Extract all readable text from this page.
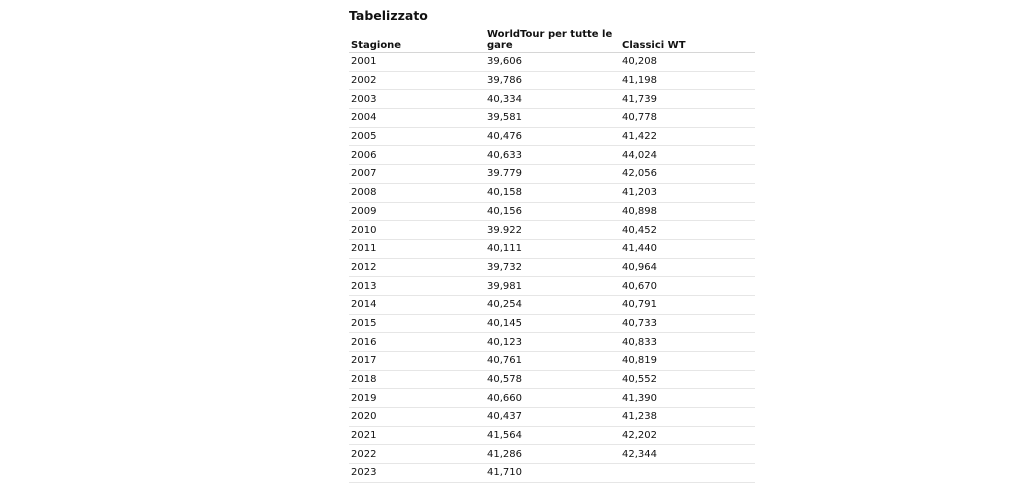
Tabelizzato
Stagione	WorldTour per tutte le gare	Classici WT
2001	39,606	40,208
2002	39,786	41,198
2003	40,334	41,739
2004	39,581	40,778
2005	40,476	41,422
2006	40,633	44,024
2007	39.779	42,056
2008	40,158	41,203
2009	40,156	40,898
2010	39.922	40,452
2011	40,111	41,440
2012	39,732	40,964
2013	39,981	40,670
2014	40,254	40,791
2015	40,145	40,733
2016	40,123	40,833
2017	40,761	40,819
2018	40,578	40,552
2019	40,660	41,390
2020	40,437	41,238
2021	41,564	42,202
2022	41,286	42,344
2023	41,710	
